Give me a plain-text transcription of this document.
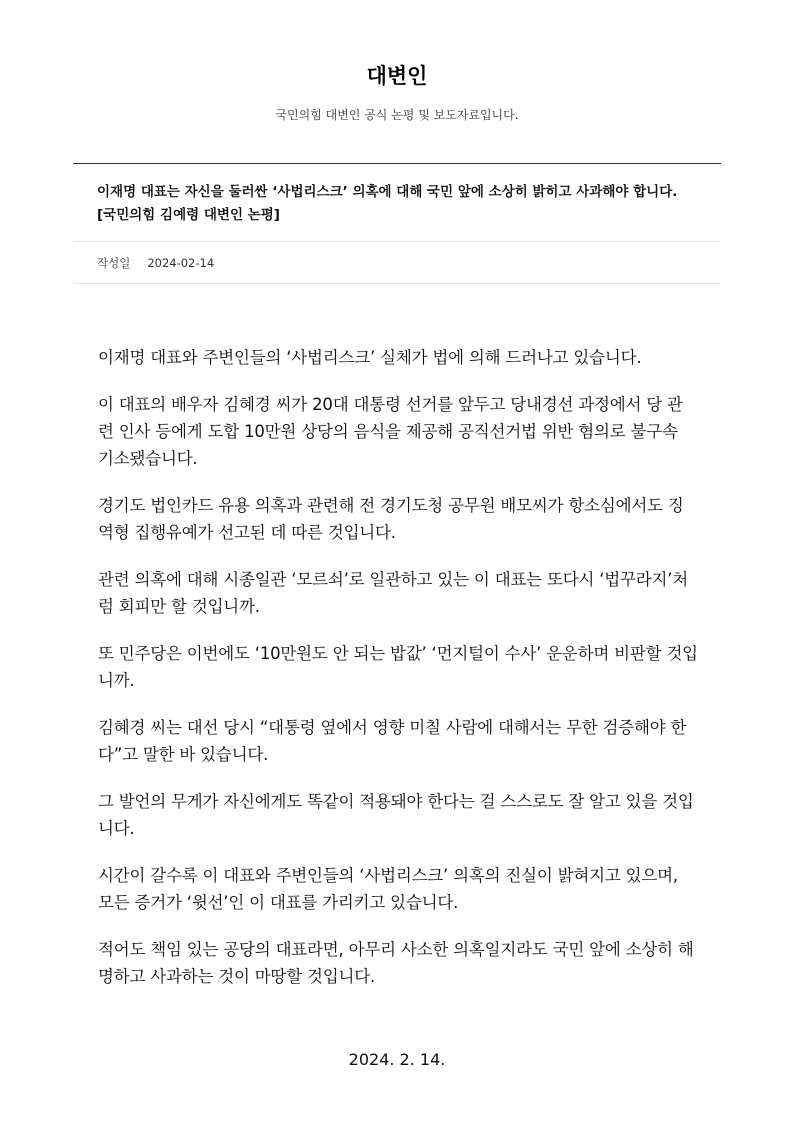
대변인

국민의힘 대변인 공식 논평 및 보도자료입니다.

이재명 대표는 자신을 둘러싼 ‘사법리스크’ 의혹에 대해 국민 앞에 소상히 밝히고 사과해야 합니다.
[국민의힘 김예령 대변인 논평]
작성일 2024-02-14

이재명 대표와 주변인들의 ‘사법리스크’ 실체가 법에 의해 드러나고 있습니다.

이 대표의 배우자 김혜경 씨가 20대 대통령 선거를 앞두고 당내경선 과정에서 당 관련 인사 등에게 도합 10만원 상당의 음식을 제공해 공직선거법 위반 혐의로 불구속 기소됐습니다.

경기도 법인카드 유용 의혹과 관련해 전 경기도청 공무원 배모씨가 항소심에서도 징역형 집행유예가 선고된 데 따른 것입니다.

관련 의혹에 대해 시종일관 ‘모르쇠’로 일관하고 있는 이 대표는 또다시 ‘법꾸라지’처럼 회피만 할 것입니까.

또 민주당은 이번에도 ‘10만원도 안 되는 밥값’ ‘먼지털이 수사’ 운운하며 비판할 것입니까.

김혜경 씨는 대선 당시 “대통령 옆에서 영향 미칠 사람에 대해서는 무한 검증해야 한다”고 말한 바 있습니다.

그 발언의 무게가 자신에게도 똑같이 적용돼야 한다는 걸 스스로도 잘 알고 있을 것입니다.

시간이 갈수록 이 대표와 주변인들의 ‘사법리스크’ 의혹의 진실이 밝혀지고 있으며, 모든 증거가 ‘윗선’인 이 대표를 가리키고 있습니다.

적어도 책임 있는 공당의 대표라면, 아무리 사소한 의혹일지라도 국민 앞에 소상히 해명하고 사과하는 것이 마땅할 것입니다.

2024. 2. 14.
